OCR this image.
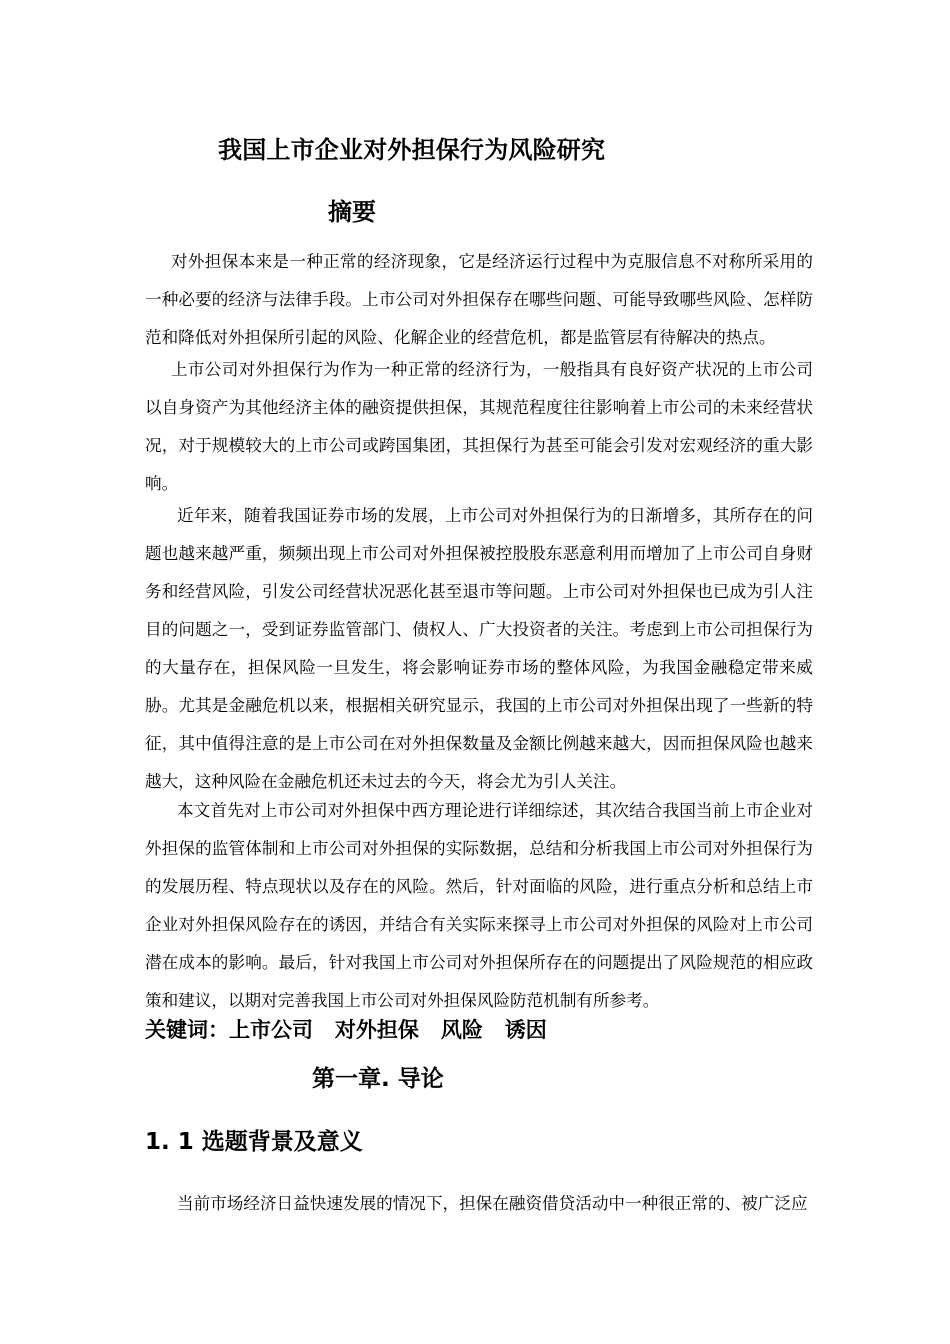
我国上市企业对外担保行为风险研究
摘要

对外担保本来是一种正常的经济现象，它是经济运行过程中为克服信息不对称所采用的一种必要的经济与法律手段。上市公司对外担保存在哪些问题、可能导致哪些风险、怎样防范和降低对外担保所引起的风险、化解企业的经营危机，都是监管层有待解决的热点。

上市公司对外担保行为作为一种正常的经济行为，一般指具有良好资产状况的上市公司以自身资产为其他经济主体的融资提供担保，其规范程度往往影响着上市公司的未来经营状况，对于规模较大的上市公司或跨国集团，其担保行为甚至可能会引发对宏观经济的重大影响。

近年来，随着我国证券市场的发展，上市公司对外担保行为的日渐增多，其所存在的问题也越来越严重，频频出现上市公司对外担保被控股股东恶意利用而增加了上市公司自身财务和经营风险，引发公司经营状况恶化甚至退市等问题。上市公司对外担保也已成为引人注目的问题之一，受到证券监管部门、债权人、广大投资者的关注。考虑到上市公司担保行为的大量存在，担保风险一旦发生，将会影响证券市场的整体风险，为我国金融稳定带来威胁。尤其是金融危机以来，根据相关研究显示，我国的上市公司对外担保出现了一些新的特征，其中值得注意的是上市公司在对外担保数量及金额比例越来越大，因而担保风险也越来越大，这种风险在金融危机还未过去的今天，将会尤为引人关注。

本文首先对上市公司对外担保中西方理论进行详细综述，其次结合我国当前上市企业对外担保的监管体制和上市公司对外担保的实际数据，总结和分析我国上市公司对外担保行为的发展历程、特点现状以及存在的风险。然后，针对面临的风险，进行重点分析和总结上市企业对外担保风险存在的诱因，并结合有关实际来探寻上市公司对外担保的风险对上市公司潜在成本的影响。最后，针对我国上市公司对外担保所存在的问题提出了风险规范的相应政策和建议，以期对完善我国上市公司对外担保风险防范机制有所参考。

关键词：上市公司   对外担保   风险   诱因
第一章. 导论
1. 1 选题背景及意义

当前市场经济日益快速发展的情况下，担保在融资借贷活动中一种很正常的、被广泛应
